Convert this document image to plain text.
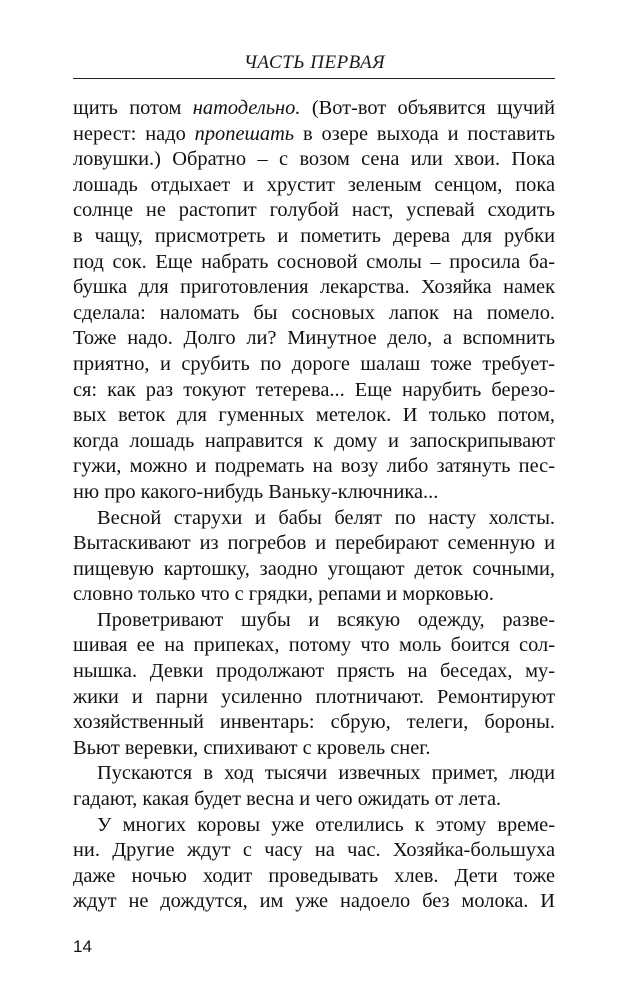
ЧАСТЬ ПЕРВАЯ
щить потом натодельно. (Вот-вот объявится щучий
нерест: надо пропешать в озере выхода и поставить
ловушки.) Обратно – с возом сена или хвои. Пока
лошадь отдыхает и хрустит зеленым сенцом, пока
солнце не растопит голубой наст, успевай сходить
в чащу, присмотреть и пометить дерева для рубки
под сок. Еще набрать сосновой смолы – просила ба-
бушка для приготовления лекарства. Хозяйка намек
сделала: наломать бы сосновых лапок на помело.
Тоже надо. Долго ли? Минутное дело, а вспомнить
приятно, и срубить по дороге шалаш тоже требует-
ся: как раз токуют тетерева... Еще нарубить березо-
вых веток для гуменных метелок. И только потом,
когда лошадь направится к дому и запоскрипывают
гужи, можно и подремать на возу либо затянуть пес-
ню про какого-нибудь Ваньку-ключника...
Весной старухи и бабы белят по насту холсты.
Вытаскивают из погребов и перебирают семенную и
пищевую картошку, заодно угощают деток сочными,
словно только что с грядки, репами и морковью.
Проветривают шубы и всякую одежду, разве-
шивая ее на припеках, потому что моль боится сол-
нышка. Девки продолжают прясть на беседах, му-
жики и парни усиленно плотничают. Ремонтируют
хозяйственный инвентарь: сбрую, телеги, бороны.
Вьют веревки, спихивают с кровель снег.
Пускаются в ход тысячи извечных примет, люди
гадают, какая будет весна и чего ожидать от лета.
У многих коровы уже отелились к этому време-
ни. Другие ждут с часу на час. Хозяйка-большуха
даже ночью ходит проведывать хлев. Дети тоже
ждут не дождутся, им уже надоело без молока. И
14
